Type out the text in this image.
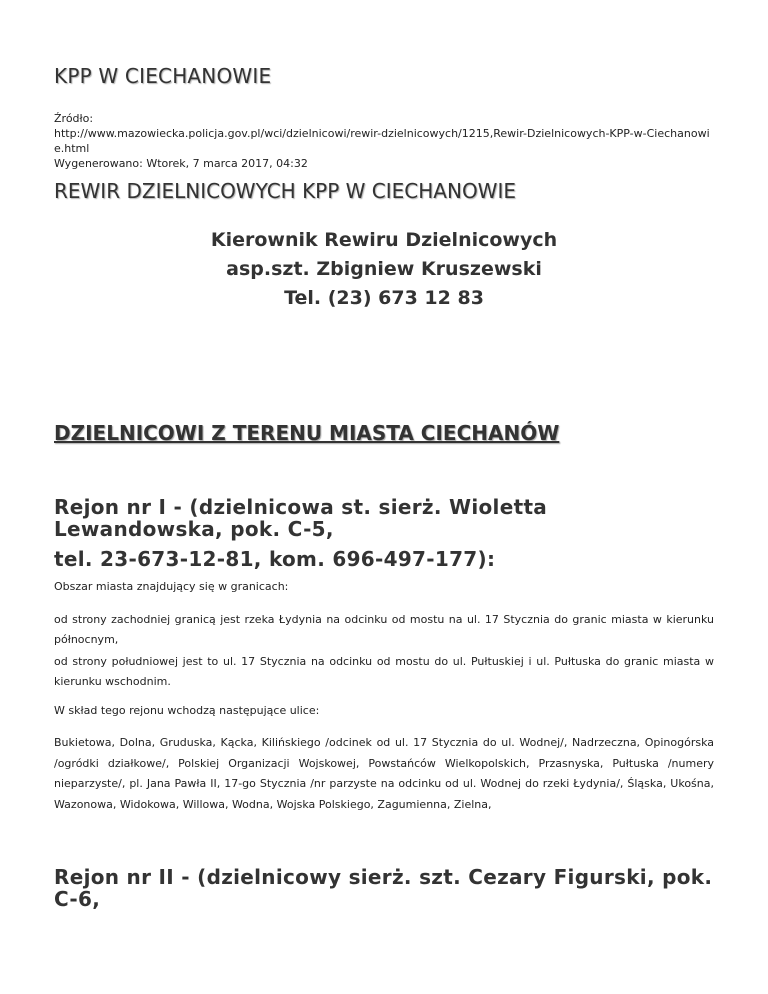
KPP W CIECHANOWIE
Źródło:
http://www.mazowiecka.policja.gov.pl/wci/dzielnicowi/rewir-dzielnicowych/1215,Rewir-Dzielnicowych-KPP-w-Ciechanowie.html
Wygenerowano: Wtorek, 7 marca 2017, 04:32
REWIR DZIELNICOWYCH KPP W CIECHANOWIE
Kierownik Rewiru Dzielnicowych
asp.szt. Zbigniew Kruszewski
Tel. (23) 673 12 83
DZIELNICOWI Z TERENU MIASTA CIECHANÓW
Rejon nr I - (dzielnicowa st. sierż. Wioletta Lewandowska, pok. C-5,
tel. 23-673-12-81, kom. 696-497-177):

Obszar miasta znajdujący się w granicach:

od strony zachodniej granicą jest rzeka Łydynia na odcinku od mostu na ul. 17 Stycznia do granic miasta w kierunku północnym,

od strony południowej jest to ul. 17 Stycznia na odcinku od mostu do ul. Pułtuskiej i ul. Pułtuska do granic miasta w kierunku wschodnim.

W skład tego rejonu wchodzą następujące ulice:

Bukietowa, Dolna, Gruduska, Kącka, Kilińskiego /odcinek od ul. 17 Stycznia do ul. Wodnej/, Nadrzeczna, Opinogórska /ogródki działkowe/, Polskiej Organizacji Wojskowej, Powstańców Wielkopolskich, Przasnyska, Pułtuska /numery nieparzyste/, pl. Jana Pawła II, 17-go Stycznia /nr parzyste na odcinku od ul. Wodnej do rzeki Łydynia/, Śląska, Ukośna, Wazonowa, Widokowa, Willowa, Wodna, Wojska Polskiego, Zagumienna, Zielna,

Rejon nr II - (dzielnicowy sierż. szt. Cezary Figurski, pok. C-6,
